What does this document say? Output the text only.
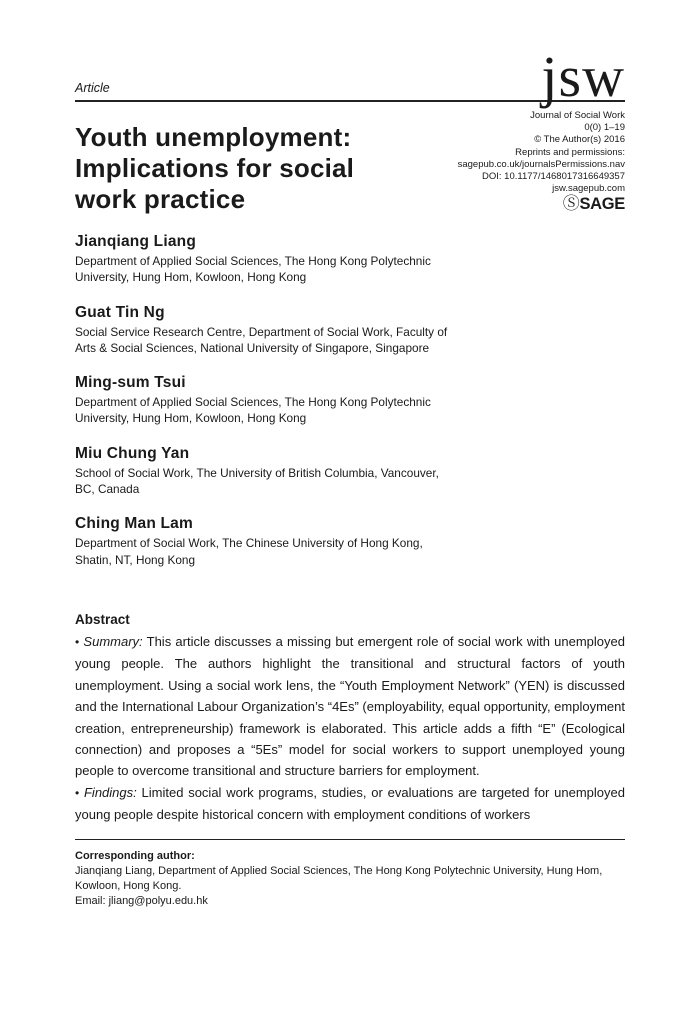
Article	jsw
Youth unemployment: Implications for social work practice
Journal of Social Work
0(0) 1–19
© The Author(s) 2016
Reprints and permissions:
sagepub.co.uk/journalsPermissions.nav
DOI: 10.1177/1468017316649357
jsw.sagepub.com
ⓈSAGE
Jianqiang Liang

Department of Applied Social Sciences, The Hong Kong Polytechnic University, Hung Hom, Kowloon, Hong Kong

Guat Tin Ng

Social Service Research Centre, Department of Social Work, Faculty of Arts & Social Sciences, National University of Singapore, Singapore

Ming-sum Tsui

Department of Applied Social Sciences, The Hong Kong Polytechnic University, Hung Hom, Kowloon, Hong Kong

Miu Chung Yan

School of Social Work, The University of British Columbia, Vancouver, BC, Canada

Ching Man Lam

Department of Social Work, The Chinese University of Hong Kong, Shatin, NT, Hong Kong

Abstract

• Summary: This article discusses a missing but emergent role of social work with unemployed young people. The authors highlight the transitional and structural factors of youth unemployment. Using a social work lens, the “Youth Employment Network” (YEN) is discussed and the International Labour Organization’s “4Es” (employability, equal opportunity, employment creation, entrepreneurship) framework is elaborated. This article adds a fifth “E” (Ecological connection) and proposes a “5Es” model for social workers to support unemployed young people to overcome transitional and structure barriers for employment.

• Findings: Limited social work programs, studies, or evaluations are targeted for unemployed young people despite historical concern with employment conditions of workers

Corresponding author:
Jianqiang Liang, Department of Applied Social Sciences, The Hong Kong Polytechnic University, Hung Hom, Kowloon, Hong Kong.
Email: jliang@polyu.edu.hk
